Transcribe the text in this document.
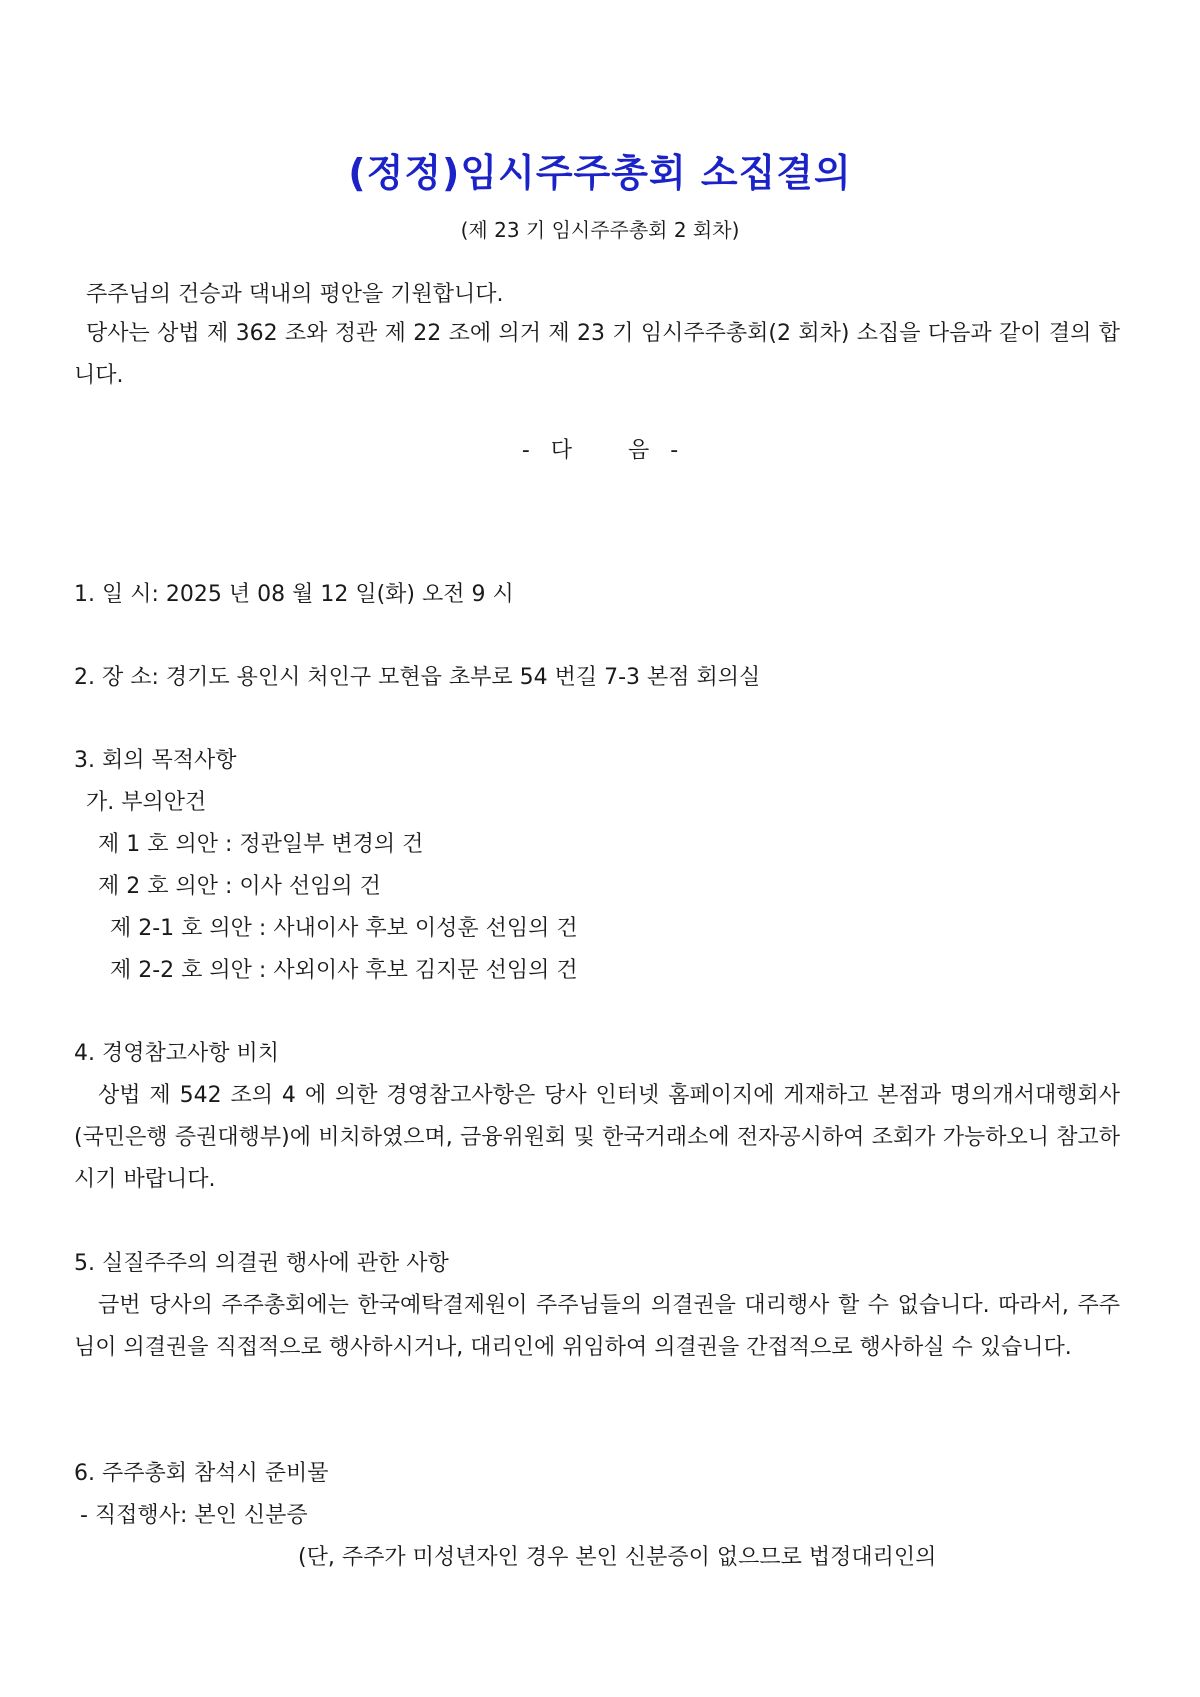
(정정)임시주주총회 소집결의
(제 23 기 임시주주총회 2 회차)
주주님의 건승과 댁내의 평안을 기원합니다.
당사는 상법 제 362 조와 정관 제 22 조에 의거 제 23 기 임시주주총회(2 회차) 소집을 다음과 같이 결의 합니다.
-   다        음   -
1. 일 시: 2025 년 08 월 12 일(화) 오전 9 시
2. 장 소: 경기도 용인시 처인구 모현읍 초부로 54 번길 7-3 본점 회의실
3. 회의 목적사항
가. 부의안건
제 1 호 의안 : 정관일부 변경의 건
제 2 호 의안 : 이사 선임의 건
제 2-1 호 의안 : 사내이사 후보 이성훈 선임의 건
제 2-2 호 의안 : 사외이사 후보 김지문 선임의 건
4. 경영참고사항 비치
상법 제 542 조의 4 에 의한 경영참고사항은 당사 인터넷 홈페이지에 게재하고 본점과 명의개서대행회사(국민은행 증권대행부)에 비치하였으며, 금융위원회 및 한국거래소에 전자공시하여 조회가 가능하오니 참고하시기 바랍니다.
5. 실질주주의 의결권 행사에 관한 사항
금번 당사의 주주총회에는 한국예탁결제원이 주주님들의 의결권을 대리행사 할 수 없습니다. 따라서, 주주님이 의결권을 직접적으로 행사하시거나, 대리인에 위임하여 의결권을 간접적으로 행사하실 수 있습니다.
6. 주주총회 참석시 준비물
- 직접행사: 본인 신분증
(단, 주주가 미성년자인 경우 본인 신분증이 없으므로 법정대리인의
